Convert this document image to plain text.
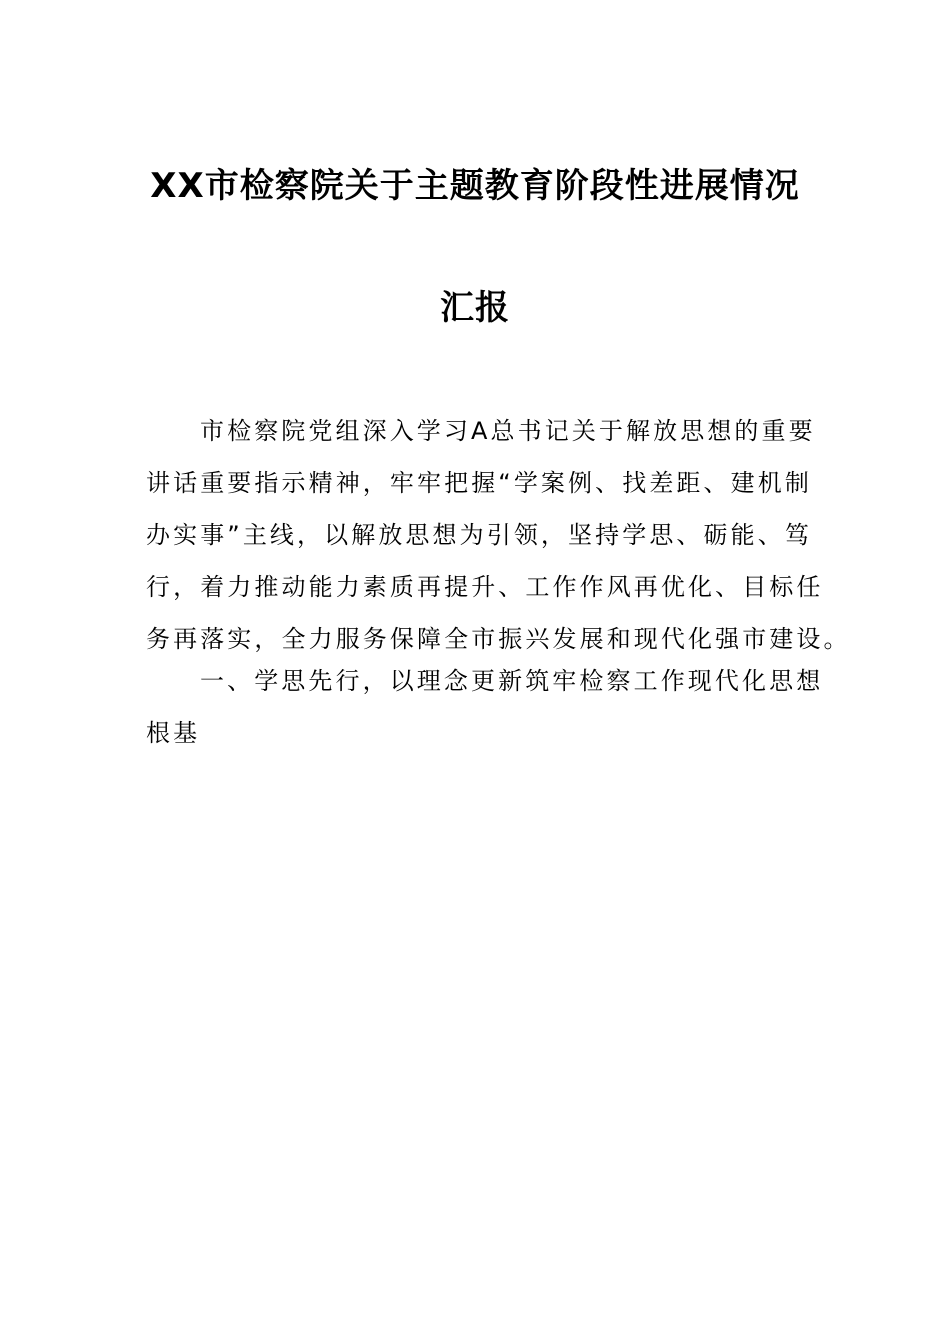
XX市检察院关于主题教育阶段性进展情况
汇报
市检察院党组深入学习A总书记关于解放思想的重要
讲话重要指示精神，牢牢把握“学案例、找差距、建机制
办实事”主线，以解放思想为引领，坚持学思、砺能、笃
行，着力推动能力素质再提升、工作作风再优化、目标任
务再落实，全力服务保障全市振兴发展和现代化强市建设。
一、学思先行，以理念更新筑牢检察工作现代化思想
根基
